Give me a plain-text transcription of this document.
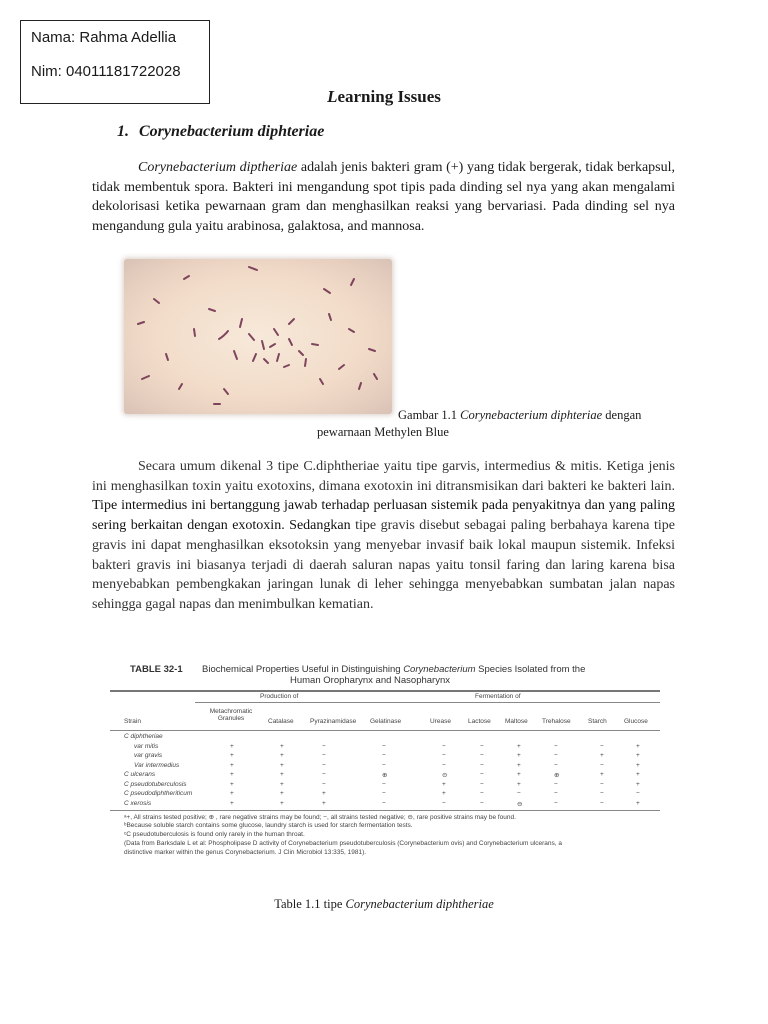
Nama: Rahma Adellia
Nim: 04011181722028
Learning Issues
1. Corynebacterium diphteriae

Corynebacterium diptheriae adalah jenis bakteri gram (+) yang tidak bergerak, tidak berkapsul, tidak membentuk spora. Bakteri ini mengandung spot tipis pada dinding sel nya yang akan mengalami dekolorisasi ketika pewarnaan gram dan menghasilkan reaksi yang bervariasi. Pada dinding sel nya mengandung gula yaitu arabinosa, galaktosa, and mannosa.

Gambar 1.1 Corynebacterium diphteriae dengan
pewarnaan Methylen Blue

Secara umum dikenal 3 tipe C.diphtheriae yaitu tipe garvis, intermedius & mitis. Ketiga jenis ini menghasilkan toxin yaitu exotoxins, dimana exotoxin ini ditransmisikan dari bakteri ke bakteri lain. Tipe intermedius ini bertanggung jawab terhadap perluasan sistemik pada penyakitnya dan yang paling sering berkaitan dengan exotoxin. Sedangkan tipe gravis disebut sebagai paling berbahaya karena tipe gravis ini dapat menghasilkan eksotoksin yang menyebar invasif baik lokal maupun sistemik. Infeksi bakteri gravis ini biasanya terjadi di daerah saluran napas yaitu tonsil faring dan laring karena bisa menyebabkan pembengkakan jaringan lunak di leher sehingga menyebabkan sumbatan jalan napas sehingga gagal napas dan menimbulkan kematian.

TABLE 32-1 Biochemical Properties Useful in Distinguishing Corynebacterium Species Isolated from the
Human Oropharynx and Nasopharynx
Production of	Fermentation of
Strain
Metachromatic Granules	Catalase	Pyrazinamidase Gelatinase	Urease	Lactose Maltose Trehalose	Starch	Glucose
C diphtheriae
var mitis	+	+	−	−	−	−	+	−	−	+
var gravis	+	+	−	−	−	−	+	−	+	+
Var intermedius	+	+	−	−	−	−	+	−	−	+
C ulcerans	+	+	−	⊕	⊝	−	+	⊕	+	+
C pseudotuberculosis	+	+	−	−	+	−	+	−	−	+
C pseudodiphtheriticum	+	+	+	−	+	−	−	−	−	−
C xerosis	+	+	+	−	−	−	⊖	−	−	+
ᵃ+, All strains tested positive; ⊕ , rare negative strains may be found; −, all strains tested negative; ⊖, rare positive strains may be found.
ᵇBecause soluble starch contains some glucose, laundry starch is used for starch fermentation tests.
ᶜC pseudotuberculosis is found only rarely in the human throat.
(Data from Barksdale L et al: Phospholipase D activity of Corynebacterium pseudotuberculosis (Corynebacterium ovis) and Corynebacterium ulcerans, a
distinctive marker within the genus Corynebacterium. J Clin Microbiol 13:335, 1981).
Table 1.1 tipe Corynebacterium diphtheriae
